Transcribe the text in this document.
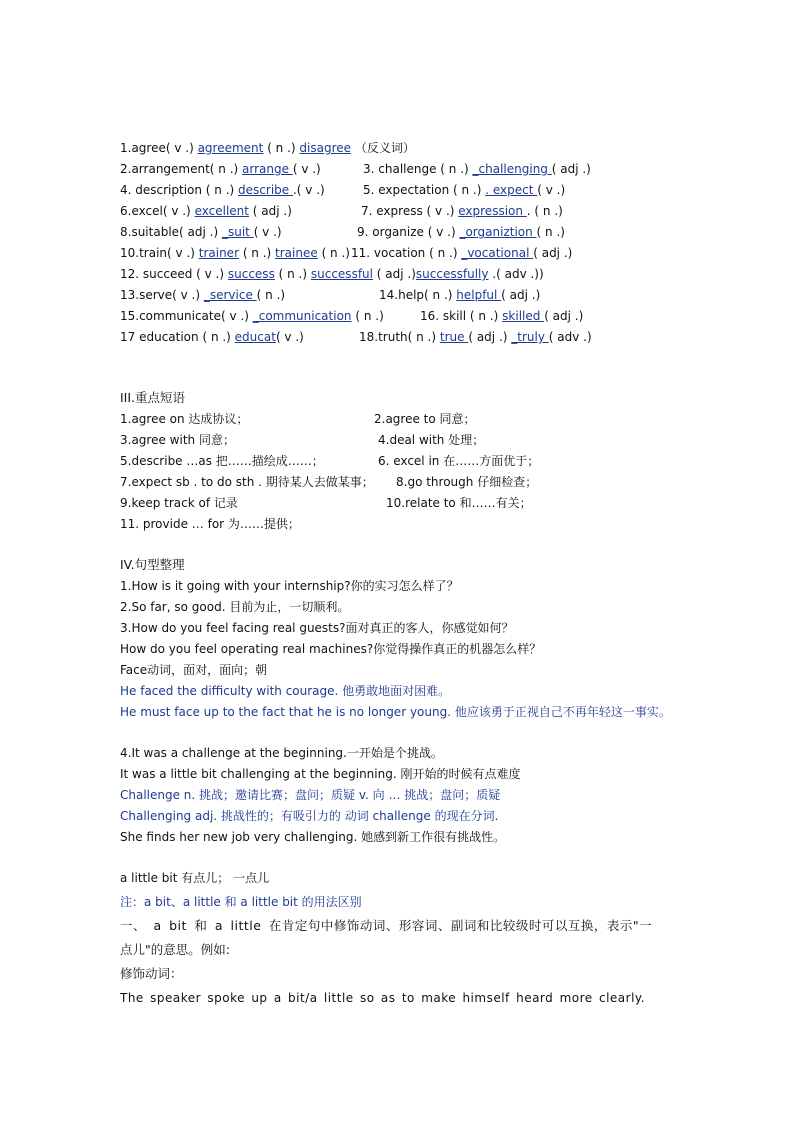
1.agree( v .) agreement ( n .) disagree （反义词）
2.arrangement( n .) arrange ( v .)	3. challenge ( n .) _challenging ( adj .)
4. description ( n .) describe .( v .)	5. expectation ( n .) . expect ( v .)
6.excel( v .) excellent ( adj .)	7. express ( v .) expression . ( n .)
8.suitable( adj .) _suit ( v .)	9. organize ( v .) _organiztion ( n .)
10.train( v .) trainer ( n .) trainee ( n .) 11. vocation ( n .) _vocational ( adj .)
12. succeed ( v .) success ( n .) successful ( adj .)successfully .( adv .))
13.serve( v .) _service ( n .)	14.help( n .) helpful ( adj .)
15.communicate( v .) _communication ( n .)	16. skill ( n .) skilled ( adj .)
17 education ( n .) educat( v .)	18.truth( n .) true ( adj .) _truly ( adv .)
III.重点短语
1.agree on 达成协议；	2.agree to 同意；
3.agree with 同意；	4.deal with 处理；
5.describe …as 把……描绘成……；	6. excel in 在……方面优于；
7.expect sb . to do sth . 期待某人去做某事； 8.go through 仔细检查；
9.keep track of 记录	10.relate to 和……有关；
11. provide … for 为……提供；
IV.句型整理
1.How is it going with your internship?你的实习怎么样了？
2.So far, so good. 目前为止，一切顺利。
3.How do you feel facing real guests?面对真正的客人，你感觉如何？
How do you feel operating real machines?你觉得操作真正的机器怎么样？
Face动词，面对，面向；朝
He faced the difficulty with courage. 他勇敢地面对困难。
He must face up to the fact that he is no longer young. 他应该勇于正视自己不再年轻这一事实。
4.It was a challenge at the beginning.一开始是个挑战。
It was a little bit challenging at the beginning. 刚开始的时候有点难度
Challenge n. 挑战；邀请比赛；盘问；质疑 v. 向 … 挑战；盘问；质疑
Challenging adj. 挑战性的；有吸引力的 动词 challenge 的现在分词.
She finds her new job very challenging. 她感到新工作很有挑战性。
a little bit 有点儿； 一点儿
注：a bit、a little 和 a little bit 的用法区别
一、 a bit 和 a little 在肯定句中修饰动词、形容词、副词和比较级时可以互换，表示"一
点儿"的意思。例如:
修饰动词：
The speaker spoke up a bit/a little so as to make himself heard more clearly.
